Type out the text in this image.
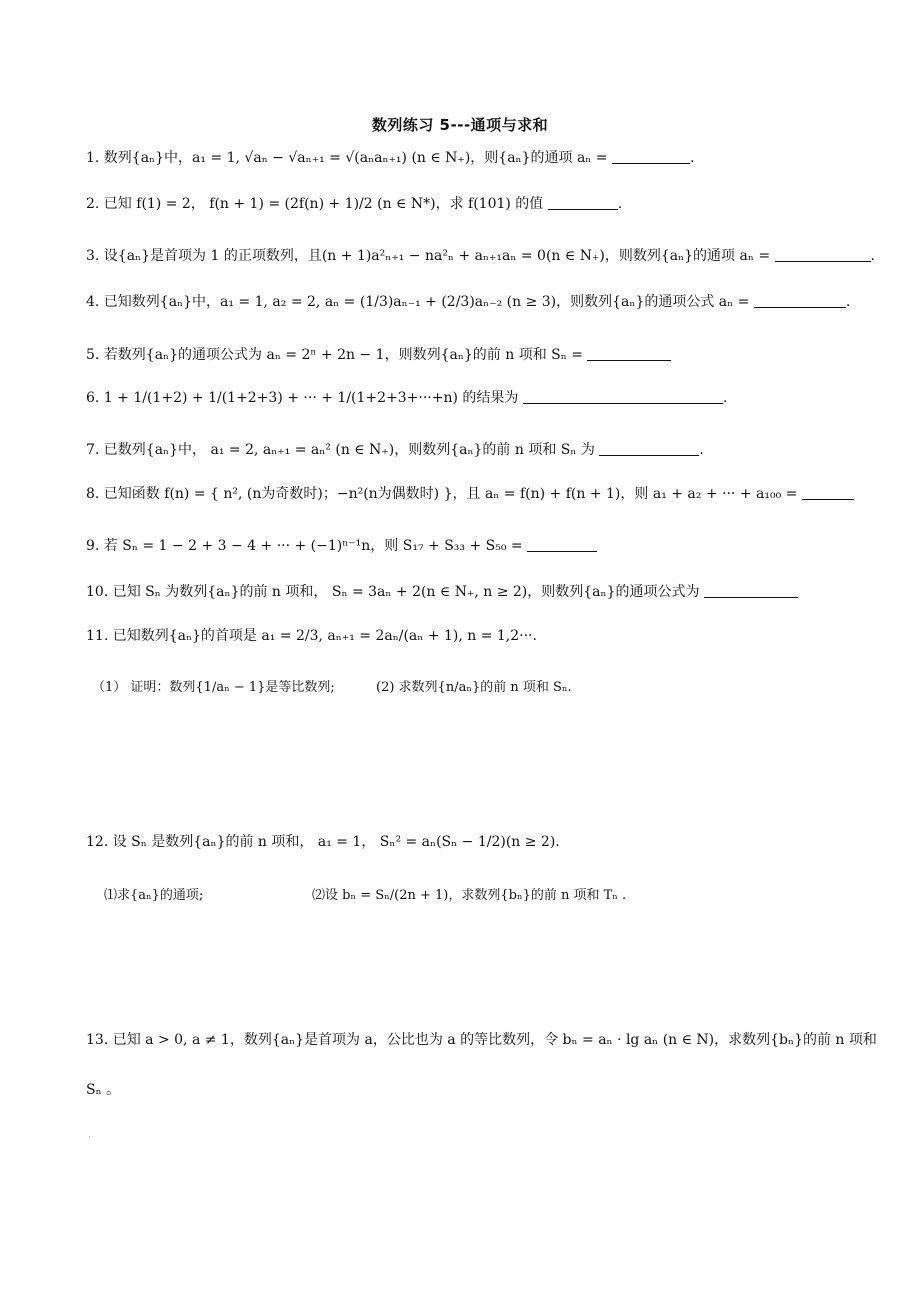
数列练习 5---通项与求和
1. 数列{aₙ}中，a₁ = 1, √aₙ − √aₙ₊₁ = √(aₙaₙ₊₁) (n ∈ N₊)，则{aₙ}的通项 aₙ =	.
2. 已知 f(1) = 2， f(n + 1) = (2f(n) + 1)/2 (n ∈ N*)，求 f(101) 的值	.
3. 设{aₙ}是首项为 1 的正项数列，且(n + 1)a²ₙ₊₁ − na²ₙ + aₙ₊₁aₙ = 0(n ∈ N₊)，则数列{aₙ}的通项 aₙ =	.
4. 已知数列{aₙ}中，a₁ = 1, a₂ = 2, aₙ = (1/3)aₙ₋₁ + (2/3)aₙ₋₂ (n ≥ 3)，则数列{aₙ}的通项公式 aₙ =	.
5. 若数列{aₙ}的通项公式为 aₙ = 2ⁿ + 2n − 1，则数列{aₙ}的前 n 项和 Sₙ =
6. 1 + 1/(1+2) + 1/(1+2+3) + ··· + 1/(1+2+3+···+n) 的结果为	.
7. 已数列{aₙ}中， a₁ = 2, aₙ₊₁ = aₙ² (n ∈ N₊)，则数列{aₙ}的前 n 项和 Sₙ 为	.
8. 已知函数 f(n) = { n², (n为奇数时)；−n²(n为偶数时) }，且 aₙ = f(n) + f(n + 1)，则 a₁ + a₂ + ··· + a₁₀₀ =
9. 若 Sₙ = 1 − 2 + 3 − 4 + ··· + (−1)ⁿ⁻¹n，则 S₁₇ + S₃₃ + S₅₀ =
10. 已知 Sₙ 为数列{aₙ}的前 n 项和， Sₙ = 3aₙ + 2(n ∈ N₊, n ≥ 2)，则数列{aₙ}的通项公式为
11. 已知数列{aₙ}的首项是 a₁ = 2/3, aₙ₊₁ = 2aₙ/(aₙ + 1), n = 1,2···.
（1） 证明：数列{1/aₙ − 1}是等比数列;	(2) 求数列{n/aₙ}的前 n 项和 Sₙ.
12. 设 Sₙ 是数列{aₙ}的前 n 项和， a₁ = 1， Sₙ² = aₙ(Sₙ − 1/2)(n ≥ 2).
⑴求{aₙ}的通项;	⑵设 bₙ = Sₙ/(2n + 1)，求数列{bₙ}的前 n 项和 Tₙ .
13. 已知 a > 0, a ≠ 1，数列{aₙ}是首项为 a，公比也为 a 的等比数列，令 bₙ = aₙ · lg aₙ (n ∈ N)，求数列{bₙ}的前 n 项和
Sₙ 。
.
